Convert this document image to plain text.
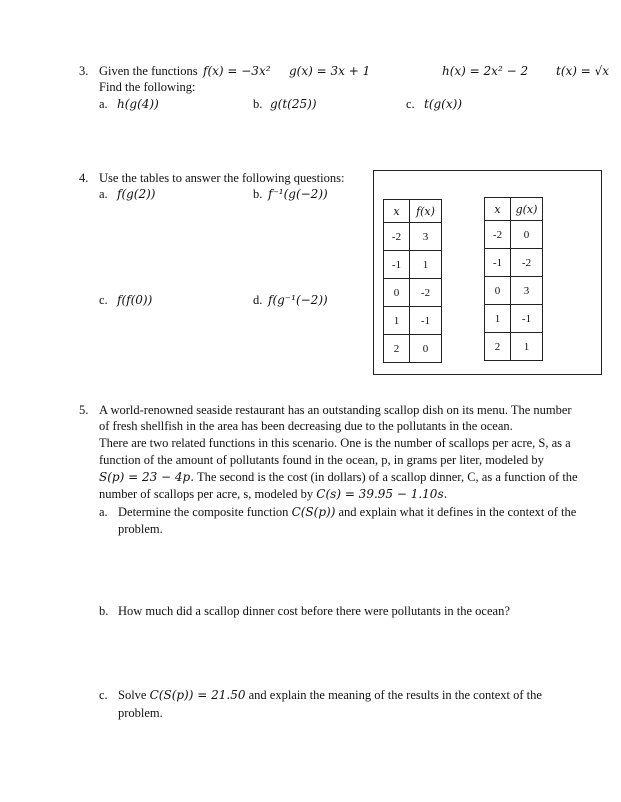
3. Given the functions f(x) = −3x² g(x) = 3x + 1	h(x) = 2x² − 2 t(x) = √x
Find the following:
a. h(g(4))	b. g(t(25))	c. t(g(x))
4. Use the tables to answer the following questions:
a. f(g(2))	b. f⁻¹(g(−2))
c. f(f(0))	d. f(g⁻¹(−2))
x	f(x)
-2	3
-1	1
0	-2
1	-1
2	0
x	g(x)
-2	0
-1	-2
0	3
1	-1
2	1
5. A world-renowned seaside restaurant has an outstanding scallop dish on its menu. The number
of fresh shellfish in the area has been decreasing due to the pollutants in the ocean.
There are two related functions in this scenario. One is the number of scallops per acre, S, as a
function of the amount of pollutants found in the ocean, p, in grams per liter, modeled by
S(p) = 23 − 4p. The second is the cost (in dollars) of a scallop dinner, C, as a function of the
number of scallops per acre, s, modeled by C(s) = 39.95 − 1.10s.
a. Determine the composite function C(S(p)) and explain what it defines in the context of the
problem.
b. How much did a scallop dinner cost before there were pollutants in the ocean?
c. Solve C(S(p)) = 21.50 and explain the meaning of the results in the context of the
problem.
